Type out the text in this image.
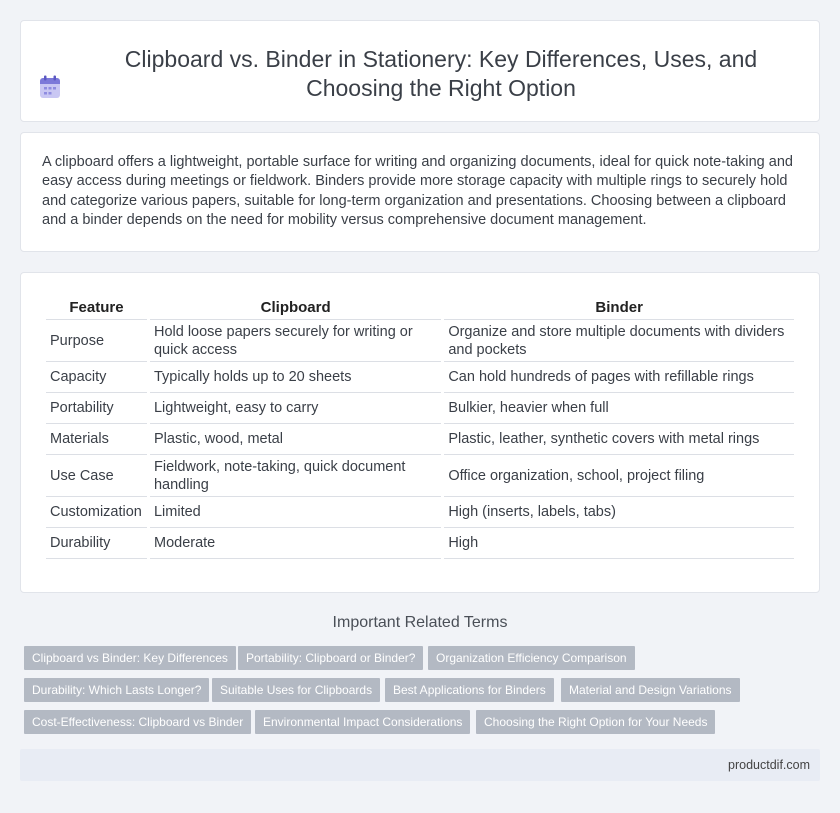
Clipboard vs. Binder in Stationery: Key Differences, Uses, and Choosing the Right Option

A clipboard offers a lightweight, portable surface for writing and organizing documents, ideal for quick note-taking and easy access during meetings or fieldwork. Binders provide more storage capacity with multiple rings to securely hold and categorize various papers, suitable for long-term organization and presentations. Choosing between a clipboard and a binder depends on the need for mobility versus comprehensive document management.

Feature	Clipboard	Binder
Purpose	Hold loose papers securely for writing or quick access	Organize and store multiple documents with dividers and pockets
Capacity	Typically holds up to 20 sheets	Can hold hundreds of pages with refillable rings
Portability	Lightweight, easy to carry	Bulkier, heavier when full
Materials	Plastic, wood, metal	Plastic, leather, synthetic covers with metal rings
Use Case	Fieldwork, note-taking, quick document handling	Office organization, school, project filing
Customization	Limited	High (inserts, labels, tabs)
Durability	Moderate	High
Important Related Terms
Clipboard vs Binder: Key Differences	Portability: Clipboard or Binder?	Organization Efficiency Comparison
Durability: Which Lasts Longer?	Suitable Uses for Clipboards	Best Applications for Binders	Material and Design Variations
Cost-Effectiveness: Clipboard vs Binder	Environmental Impact Considerations	Choosing the Right Option for Your Needs
productdif.com
